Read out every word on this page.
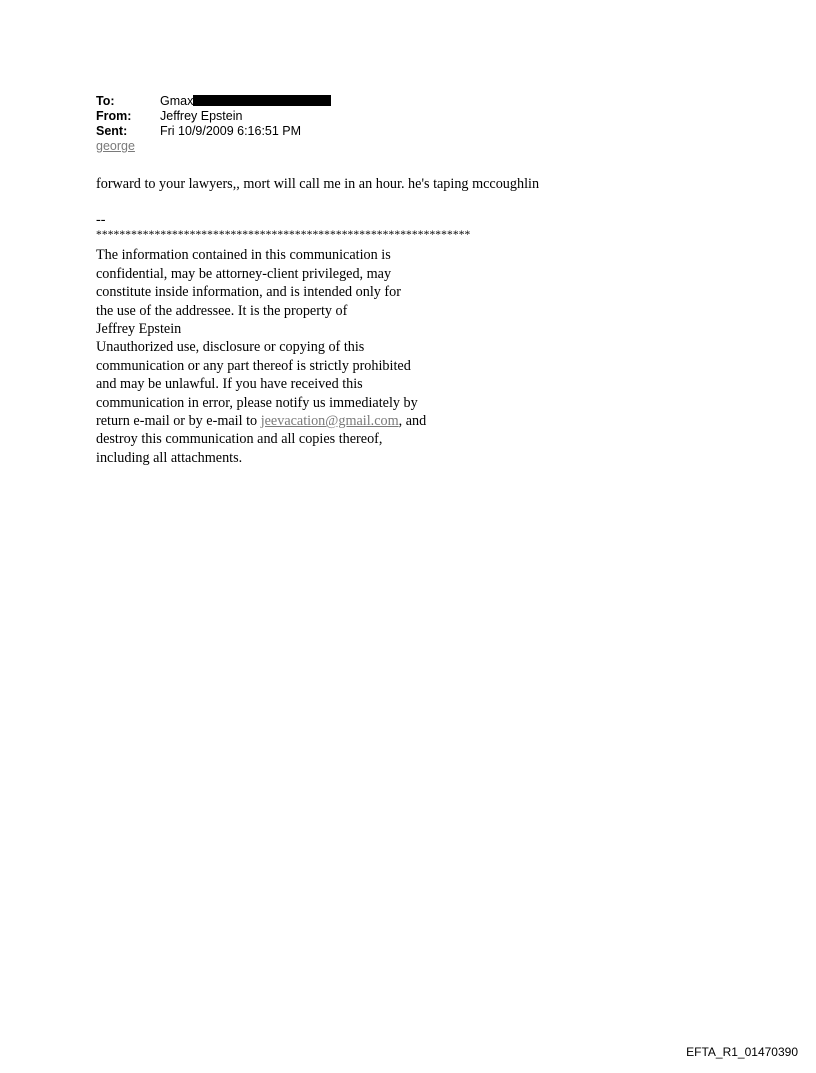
To:	Gmax
From:	Jeffrey Epstein
Sent:	Fri 10/9/2009 6:16:51 PM
george

forward to your lawyers,, mort will call me in an hour. he's taping mccoughlin

--
****************************************************************
The information contained in this communication is
confidential, may be attorney-client privileged, may
constitute inside information, and is intended only for
the use of the addressee. It is the property of
Jeffrey Epstein
Unauthorized use, disclosure or copying of this
communication or any part thereof is strictly prohibited
and may be unlawful. If you have received this
communication in error, please notify us immediately by
return e-mail or by e-mail to jeevacation@gmail.com, and
destroy this communication and all copies thereof,
including all attachments.
EFTA_R1_01470390
